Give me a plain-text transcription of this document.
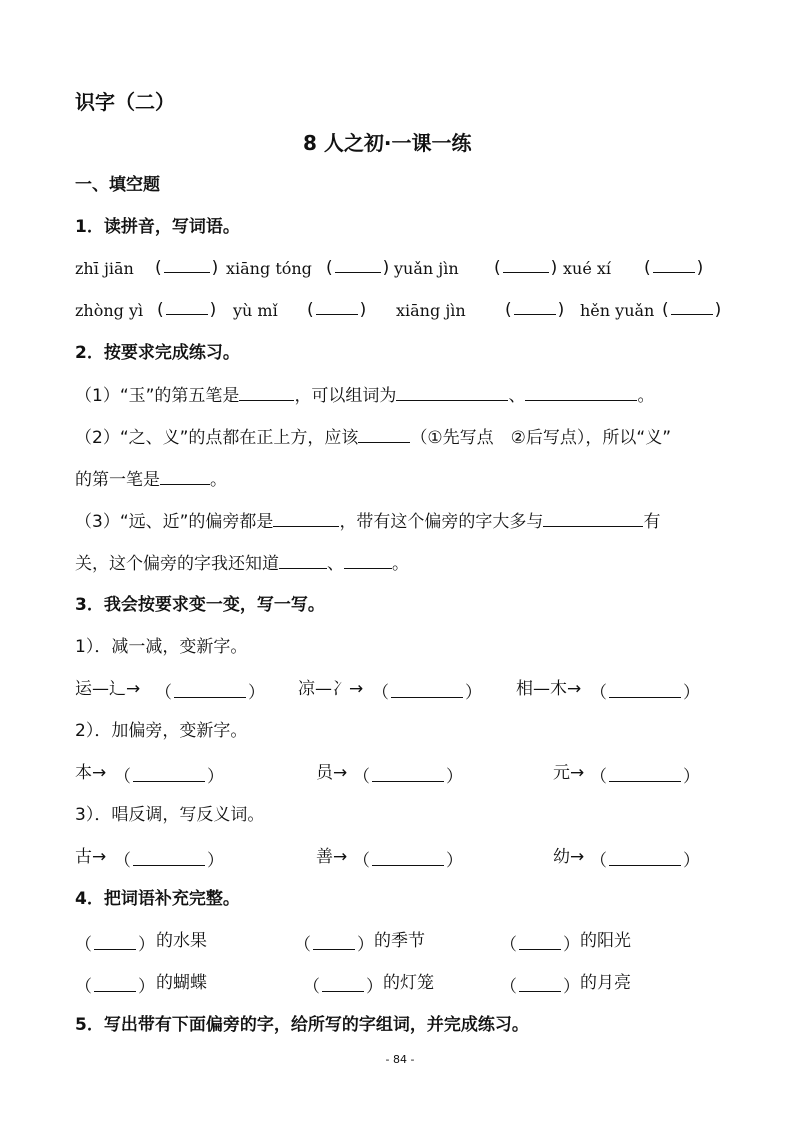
识字（二）
8 人之初·一课一练
一、填空题
1．读拼音，写词语。
zhī jiān (	) xiāng tóng (	) yuǎn jìn (	) xué xí (	)
zhòng yì (	) yù mǐ (	) xiāng jìn (	) hěn yuǎn (	)
2．按要求完成练习。
（1）“玉”的第五笔是	，可以组词为	、	。
（2）“之、义”的点都在正上方，应该	（①先写点　②后写点），所以“义”
的第一笔是	。
（3）“远、近”的偏旁都是	，带有这个偏旁的字大多与	有
关，这个偏旁的字我还知道	、	。
3．我会按要求变一变，写一写。
1）．减一减，变新字。
运—辶→ （	） 凉—冫→ （	） 相—木→ （	）
2）．加偏旁，变新字。
本→ （	）	员→ （	）	元→ （	）
3）．唱反调，写反义词。
古→ （	）	善→ （	）	幼→ （	）
4．把词语补充完整。
（	） 的水果	（	） 的季节	（	） 的阳光
（	） 的蝴蝶	（	） 的灯笼	（	） 的月亮
5．写出带有下面偏旁的字，给所写的字组词，并完成练习。
- 84 -
